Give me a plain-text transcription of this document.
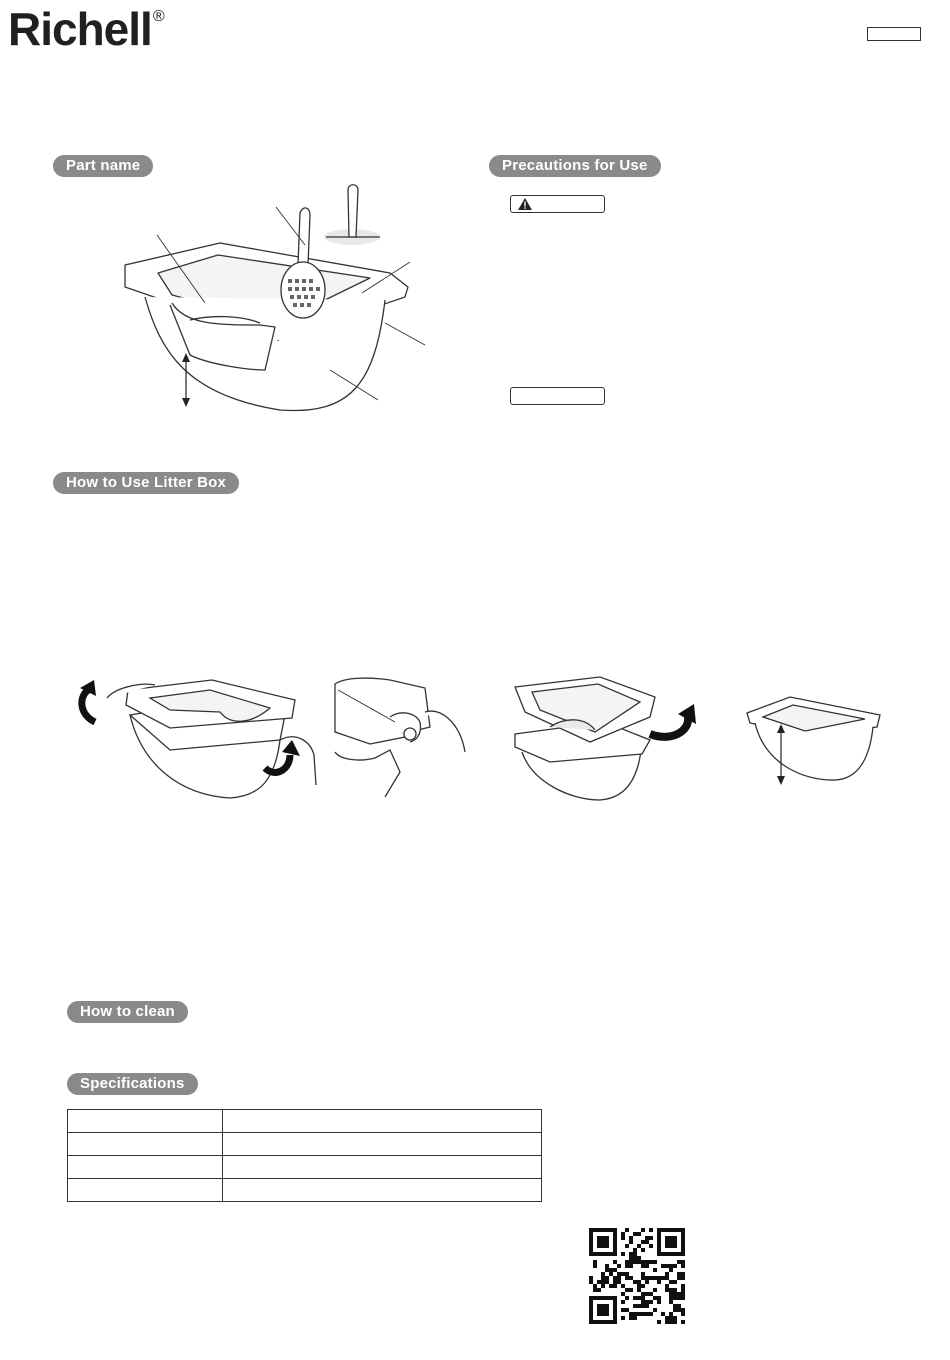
Richell®
Part name	Precautions for Use
How to Use Litter Box
How to clean
Specifications
